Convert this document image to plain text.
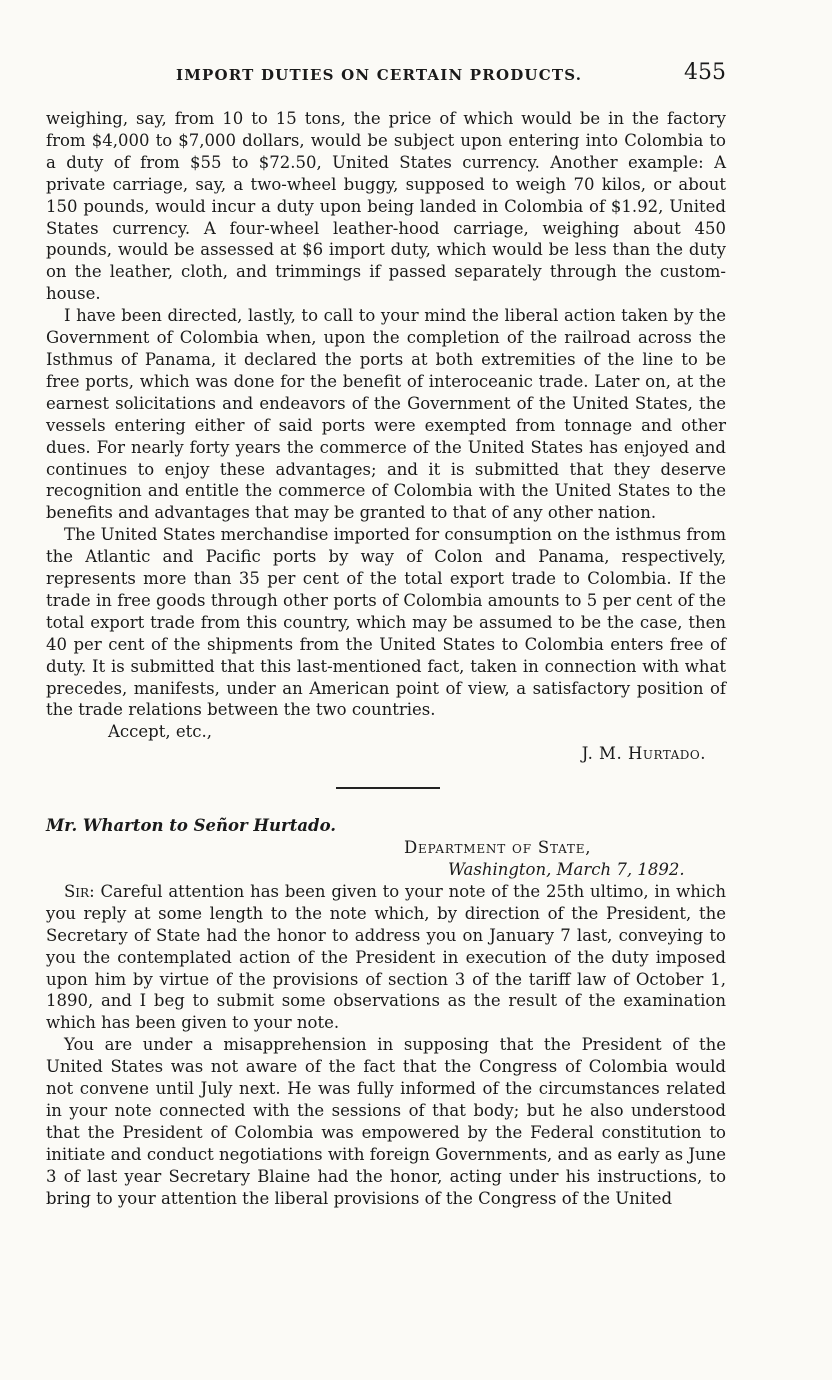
IMPORT DUTIES ON CERTAIN PRODUCTS.	455

weighing, say, from 10 to 15 tons, the price of which would be in the factory from $4,000 to $7,000 dollars, would be subject upon entering into Colombia to a duty of from $55 to $72.50, United States currency. Another example: A private carriage, say, a two-wheel buggy, supposed to weigh 70 kilos, or about 150 pounds, would incur a duty upon being landed in Colombia of $1.92, United States currency. A four-wheel leather-hood carriage, weighing about 450 pounds, would be assessed at $6 import duty, which would be less than the duty on the leather, cloth, and trimmings if passed separately through the custom-house.

I have been directed, lastly, to call to your mind the liberal action taken by the Government of Colombia when, upon the completion of the railroad across the Isthmus of Panama, it declared the ports at both extremities of the line to be free ports, which was done for the benefit of interoceanic trade. Later on, at the earnest solicitations and endeavors of the Government of the United States, the vessels entering either of said ports were exempted from tonnage and other dues. For nearly forty years the commerce of the United States has enjoyed and continues to enjoy these advantages; and it is submitted that they deserve recognition and entitle the commerce of Colombia with the United States to the benefits and advantages that may be granted to that of any other nation.

The United States merchandise imported for consumption on the isthmus from the Atlantic and Pacific ports by way of Colon and Panama, respectively, represents more than 35 per cent of the total export trade to Colombia. If the trade in free goods through other ports of Colombia amounts to 5 per cent of the total export trade from this country, which may be assumed to be the case, then 40 per cent of the shipments from the United States to Colombia enters free of duty. It is submitted that this last-mentioned fact, taken in connection with what precedes, manifests, under an American point of view, a satisfactory position of the trade relations between the two countries.

Accept, etc.,

J. M. Hurtado.

Mr. Wharton to Señor Hurtado.

Department of State,
Washington, March 7, 1892.

Sir: Careful attention has been given to your note of the 25th ultimo, in which you reply at some length to the note which, by direction of the President, the Secretary of State had the honor to address you on January 7 last, conveying to you the contemplated action of the President in execution of the duty imposed upon him by virtue of the provisions of section 3 of the tariff law of October 1, 1890, and I beg to submit some observations as the result of the examination which has been given to your note.

You are under a misapprehension in supposing that the President of the United States was not aware of the fact that the Congress of Colombia would not convene until July next. He was fully informed of the circumstances related in your note connected with the sessions of that body; but he also understood that the President of Colombia was empowered by the Federal constitution to initiate and conduct negotiations with foreign Governments, and as early as June 3 of last year Secretary Blaine had the honor, acting under his instructions, to bring to your attention the liberal provisions of the Congress of the United
